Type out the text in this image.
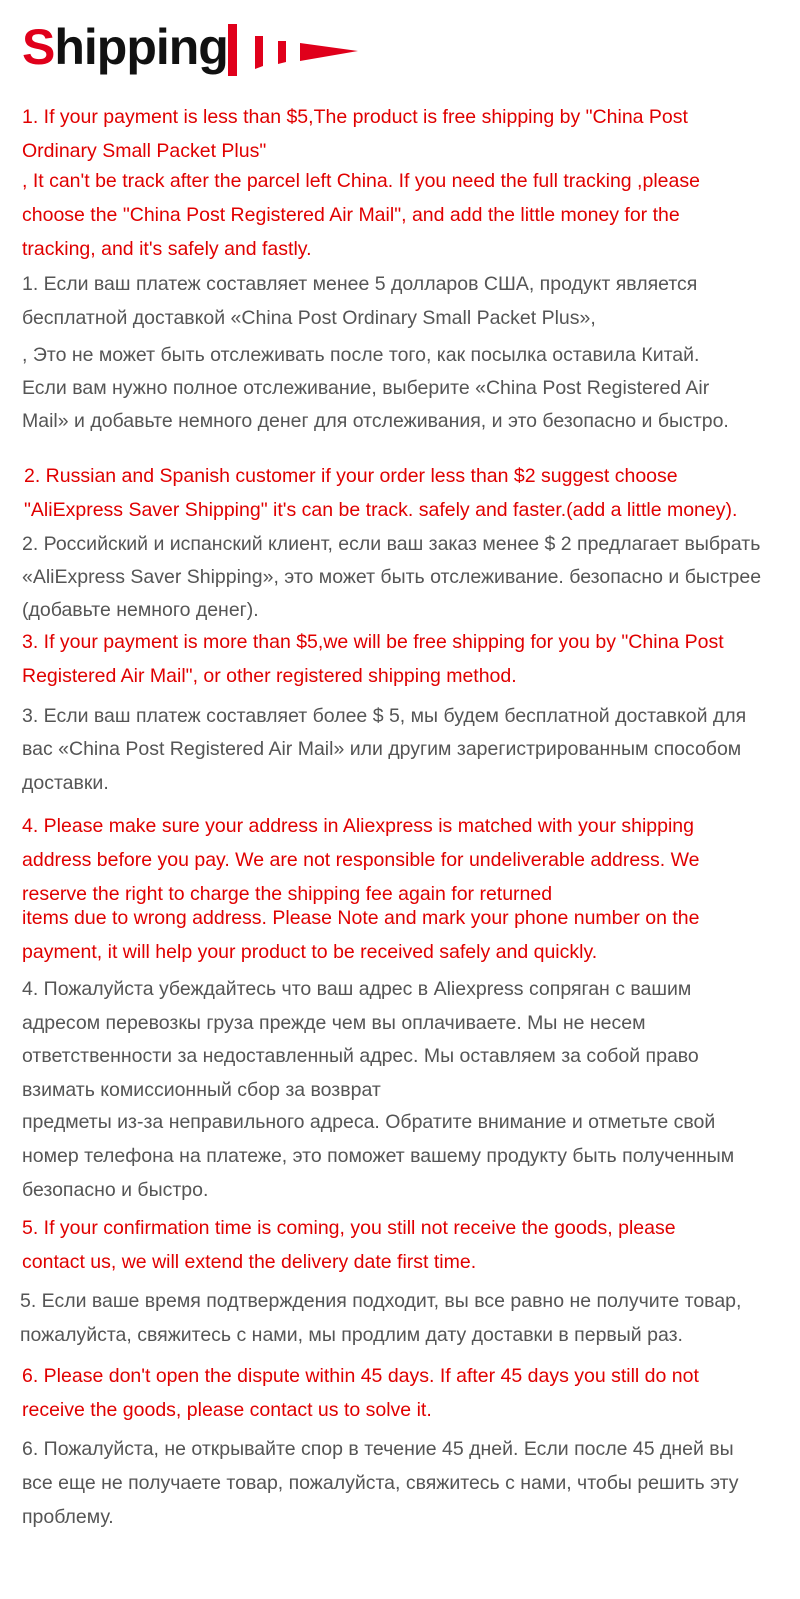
Shipping
1. If your payment is less than $5,The product is free shipping by "China Post
Ordinary Small Packet Plus"
, It can't be track after the parcel left China. If you need the full tracking ,please
choose the "China Post Registered Air Mail", and add the little money for the
tracking, and it's safely and fastly.
1. Если ваш платеж составляет менее 5 долларов США, продукт является
бесплатной доставкой «China Post Ordinary Small Packet Plus»,
, Это не может быть отслеживать после того, как посылка оставила Китай.
Если вам нужно полное отслеживание, выберите «China Post Registered Air
Mail» и добавьте немного денег для отслеживания, и это безопасно и быстро.
2. Russian and Spanish customer if your order less than $2 suggest choose
"AliExpress Saver Shipping" it's can be track. safely and faster.(add a little money).
2. Российский и испанский клиент, если ваш заказ менее $ 2 предлагает выбрать
«AliExpress Saver Shipping», это может быть отслеживание. безопасно и быстрее
(добавьте немного денег).
3. If your payment is more than $5,we will be free shipping for you by "China Post
Registered Air Mail", or other registered shipping method.
3. Если ваш платеж составляет более $ 5, мы будем бесплатной доставкой для
вас «China Post Registered Air Mail» или другим зарегистрированным способом
доставки.
4. Please make sure your address in Aliexpress is matched with your shipping
address before you pay. We are not responsible for undeliverable address. We
reserve the right to charge the shipping fee again for returned
items due to wrong address. Please Note and mark your phone number on the
payment, it will help your product to be received safely and quickly.
4. Пожалуйста убеждайтесь что ваш адрес в Aliexpress сопряган с вашим
адресом перевозкы груза прежде чем вы оплачиваете. Мы не несем
ответственности за недоставленный адрес. Мы оставляем за собой право
взимать комиссионный сбор за возврат
предметы из-за неправильного адреса. Обратите внимание и отметьте свой
номер телефона на платеже, это поможет вашему продукту быть полученным
безопасно и быстро.
5. If your confirmation time is coming, you still not receive the goods, please
contact us, we will extend the delivery date first time.
5. Если ваше время подтверждения подходит, вы все равно не получите товар,
пожалуйста, свяжитесь с нами, мы продлим дату доставки в первый раз.
6. Please don't open the dispute within 45 days. If after 45 days you still do not
receive the goods, please contact us to solve it.
6. Пожалуйста, не открывайте спор в течение 45 дней. Если после 45 дней вы
все еще не получаете товар, пожалуйста, свяжитесь с нами, чтобы решить эту
проблему.
